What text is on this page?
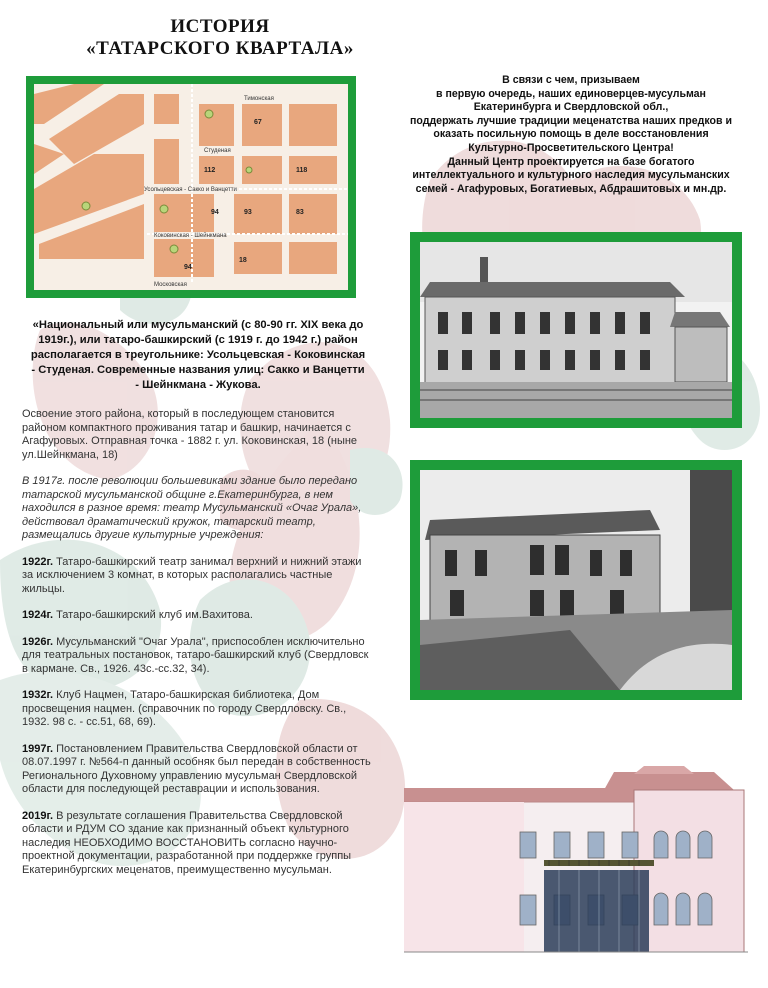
ИСТОРИЯ
«ТАТАРСКОГО КВАРТАЛА»
Студеная
Усольцевская - Сакко и Ванцетти
Коковинская - Шейнкмана
Московская
Тимонская
94
112
93	83
18
94
67
118
«Национальный или мусульманский (с 80-90 гг. XIX века до 1919г.), или татаро-башкирский (с 1919 г. до 1942 г.) район располагается в треугольнике: Усольцевская - Коковинская - Студеная. Современные названия улиц: Сакко и Ванцетти - Шейнкмана - Жукова.

Освоение этого района, который в последующем становится районом компактного проживания татар и башкир, начинается с Агафуровых. Отправная точка - 1882 г. ул. Коковинская, 18 (ныне ул.Шейнкмана, 18)

В 1917г. после революции большевиками здание было передано татарской мусульманской общине г.Екатеринбурга, в нем находился в разное время: театр Мусульманский «Очаг Урала», действовал драматический кружок, татарский театр, размещались другие культурные учреждения:

1922г. Татаро-башкирский театр занимал верхний и нижний этажи за исключением 3 комнат, в которых располагались частные жильцы.

1924г. Татаро-башкирский клуб им.Вахитова.

1926г. Мусульманский "Очаг Урала", приспособлен исключительно для театральных постановок, татаро-башкирский клуб (Свердловск в кармане. Св., 1926. 43с.-сс.32, 34).

1932г. Клуб Нацмен, Татаро-башкирская библиотека, Дом просвещения нацмен. (справочник по городу Свердловску. Св., 1932. 98 с. - сс.51, 68, 69).

1997г. Постановлением Правительства Свердловской области от 08.07.1997 г. №564-п данный особняк был передан в собственность Регионального Духовному управлению мусульман Свердловской области для последующей реставрации и использования.

2019г. В результате соглашения Правительства Свердловской области и РДУМ СО здание как признанный объект культурного наследия НЕОБХОДИМО ВОССТАНОВИТЬ согласно научно-проектной документации, разработанной при поддержке группы Екатеринбургских меценатов, преимущественно мусульман.

В связи с чем, призываем
в первую очередь, наших единоверцев-мусульман
Екатеринбурга и Свердловской обл.,
поддержать лучшие традиции меценатства наших предков и
оказать посильную помощь в деле восстановления
Культурно-Просветительского Центра!
Данный Центр проектируется на базе богатого
интеллектуального и культурного наследия мусульманских
семей - Агафуровых, Богатиевых, Абдрашитовых и мн.др.
